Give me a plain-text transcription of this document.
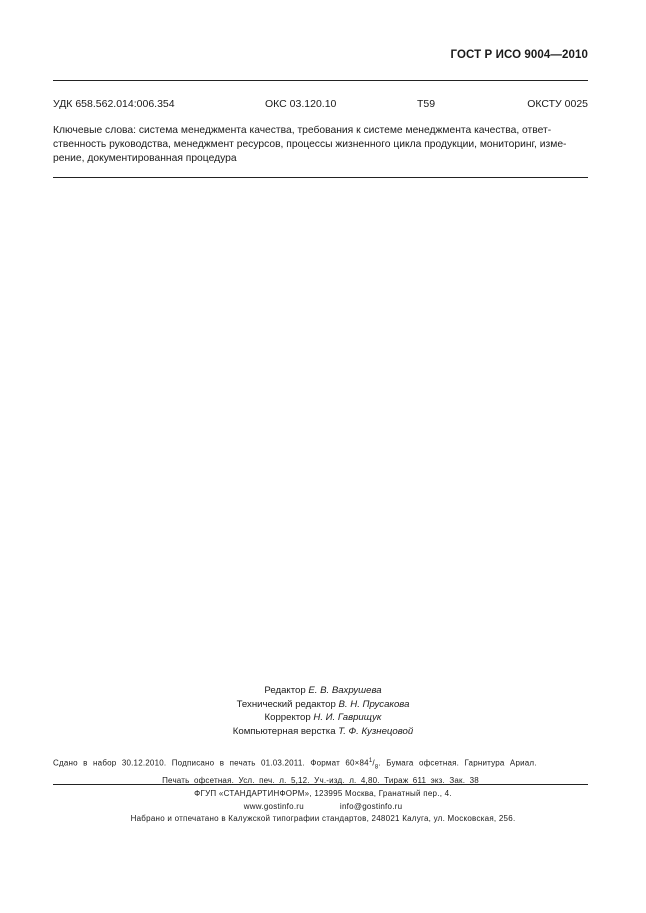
ГОСТ Р ИСО 9004—2010
УДК 658.562.014:006.354	ОКС 03.120.10	T59	ОКСТУ 0025
Ключевые слова: система менеджмента качества, требования к системе менеджмента качества, ответ-
ственность руководства, менеджмент ресурсов, процессы жизненного цикла продукции, мониторинг, изме-
рение, документированная процедура
Редактор Е. В. Вахрушева
Технический редактор В. Н. Прусакова
Корректор Н. И. Гаврищук
Компьютерная верстка Т. Ф. Кузнецовой
Сдано в набор 30.12.2010. Подписано в печать 01.03.2011. Формат $60\times 84^1/_8$. Бумага офсетная. Гарнитура Ариал.
Печать офсетная. Усл. печ. л. 5,12. Уч.-изд. л. 4,80. Тираж 611 экз. Зак. 38
ФГУП «СТАНДАРТИНФОРМ», 123995 Москва, Гранатный пер., 4.
www.gostinfo.ru	info@gostinfo.ru
Набрано и отпечатано в Калужской типографии стандартов, 248021 Калуга, ул. Московская, 256.
